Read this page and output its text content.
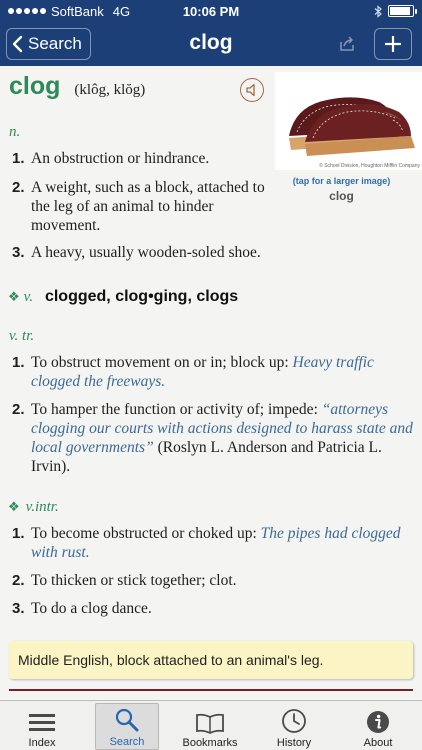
SoftBank 4G	10:06 PM
Search	clog
clog (klôg, klŏg)
© School Division, Houghton Mifflin Company
(tap for a larger image)
clog
n.
1. An obstruction or hindrance.
2. A weight, such as a block, attached to the leg of an animal to hinder movement.
3. A heavy, usually wooden-soled shoe.
❖ v. clogged, clog•ging, clogs
v. tr.
1. To obstruct movement on or in; block up: Heavy traffic clogged the freeways.
2. To hamper the function or activity of; impede: “attorneys clogging our courts with actions designed to harass state and local governments” (Roslyn L. Anderson and Patricia L. Irvin).
❖ v.intr.
1. To become obstructed or choked up: The pipes had clogged with rust.
2. To thicken or stick together; clot.
3. To do a clog dance.
Middle English, block attached to an animal's leg.
Index	Search	Bookmarks	History	About
